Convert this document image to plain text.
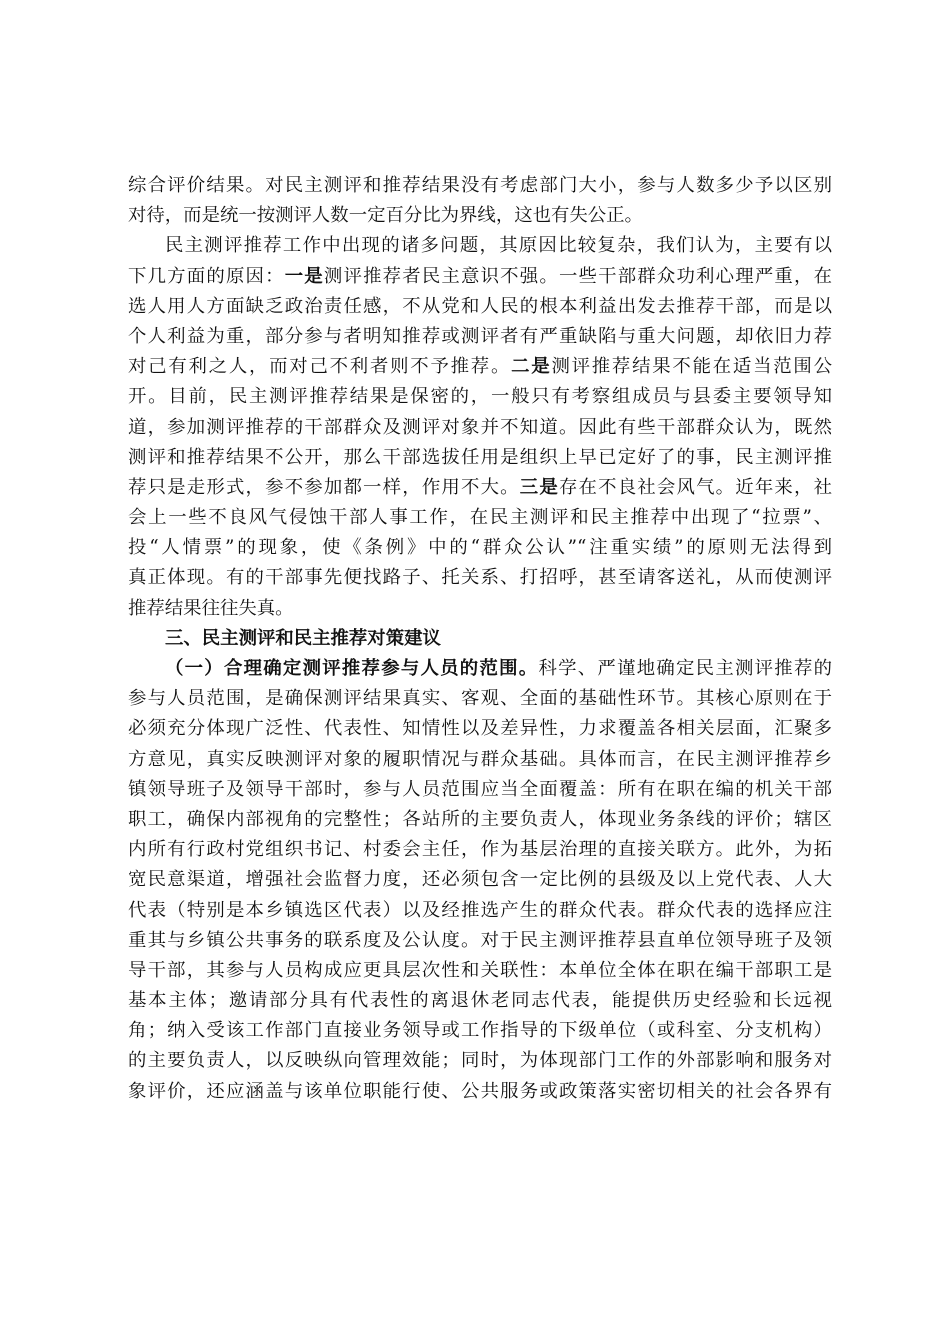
综合评价结果。对民主测评和推荐结果没有考虑部门大小，参与人数多少予以区别
对待，而是统一按测评人数一定百分比为界线，这也有失公正。
民主测评推荐工作中出现的诸多问题，其原因比较复杂，我们认为，主要有以
下几方面的原因：一是测评推荐者民主意识不强。一些干部群众功利心理严重，在
选人用人方面缺乏政治责任感，不从党和人民的根本利益出发去推荐干部，而是以
个人利益为重，部分参与者明知推荐或测评者有严重缺陷与重大问题，却依旧力荐
对己有利之人，而对己不利者则不予推荐。二是测评推荐结果不能在适当范围公
开。目前，民主测评推荐结果是保密的，一般只有考察组成员与县委主要领导知
道，参加测评推荐的干部群众及测评对象并不知道。因此有些干部群众认为，既然
测评和推荐结果不公开，那么干部选拔任用是组织上早已定好了的事，民主测评推
荐只是走形式，参不参加都一样，作用不大。三是存在不良社会风气。近年来，社
会上一些不良风气侵蚀干部人事工作，在民主测评和民主推荐中出现了“拉票”、
投“人情票”的现象，使《条例》中的“群众公认”“注重实绩”的原则无法得到
真正体现。有的干部事先便找路子、托关系、打招呼，甚至请客送礼，从而使测评
推荐结果往往失真。
三、民主测评和民主推荐对策建议
（一）合理确定测评推荐参与人员的范围。科学、严谨地确定民主测评推荐的
参与人员范围，是确保测评结果真实、客观、全面的基础性环节。其核心原则在于
必须充分体现广泛性、代表性、知情性以及差异性，力求覆盖各相关层面，汇聚多
方意见，真实反映测评对象的履职情况与群众基础。具体而言，在民主测评推荐乡
镇领导班子及领导干部时，参与人员范围应当全面覆盖：所有在职在编的机关干部
职工，确保内部视角的完整性；各站所的主要负责人，体现业务条线的评价；辖区
内所有行政村党组织书记、村委会主任，作为基层治理的直接关联方。此外，为拓
宽民意渠道，增强社会监督力度，还必须包含一定比例的县级及以上党代表、人大
代表（特别是本乡镇选区代表）以及经推选产生的群众代表。群众代表的选择应注
重其与乡镇公共事务的联系度及公认度。对于民主测评推荐县直单位领导班子及领
导干部，其参与人员构成应更具层次性和关联性：本单位全体在职在编干部职工是
基本主体；邀请部分具有代表性的离退休老同志代表，能提供历史经验和长远视
角；纳入受该工作部门直接业务领导或工作指导的下级单位（或科室、分支机构）
的主要负责人，以反映纵向管理效能；同时，为体现部门工作的外部影响和服务对
象评价，还应涵盖与该单位职能行使、公共服务或政策落实密切相关的社会各界有
